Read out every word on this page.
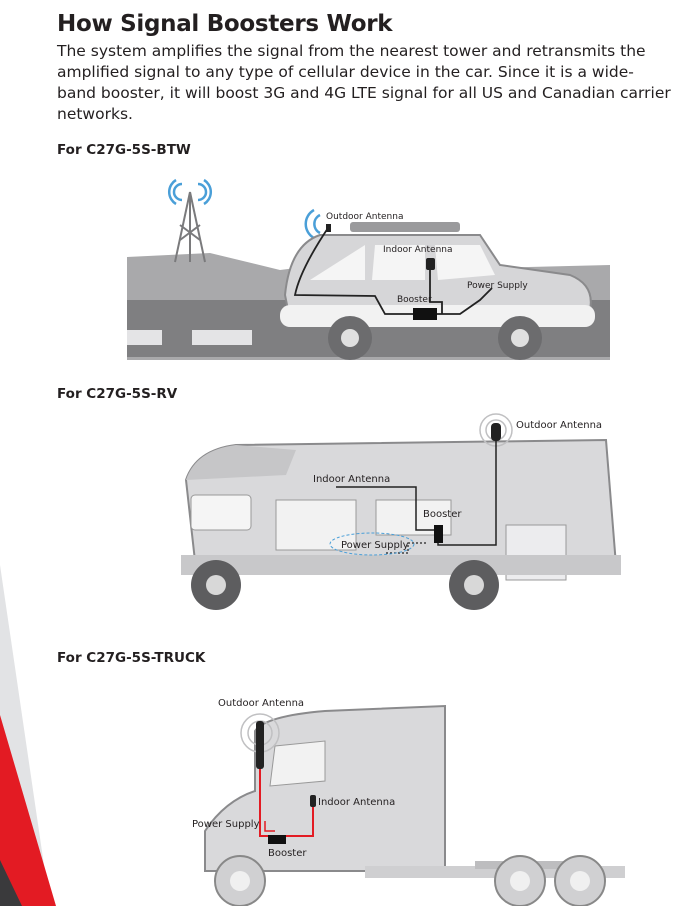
How Signal Boosters Work
The system amplifies the signal from the nearest tower and retransmits the amplified signal to any type of cellular device in the car. Since it is a wide-band booster, it will boost 3G and 4G LTE signal for all US and Canadian carrier networks.
For C27G-5S-BTW
Outdoor Antenna
Indoor Antenna
Power Supply
Booster
For C27G-5S-RV
Outdoor Antenna
Indoor Antenna
Booster
Power Supply
For C27G-5S-TRUCK
Outdoor Antenna
Indoor Antenna
Power Supply
Booster
